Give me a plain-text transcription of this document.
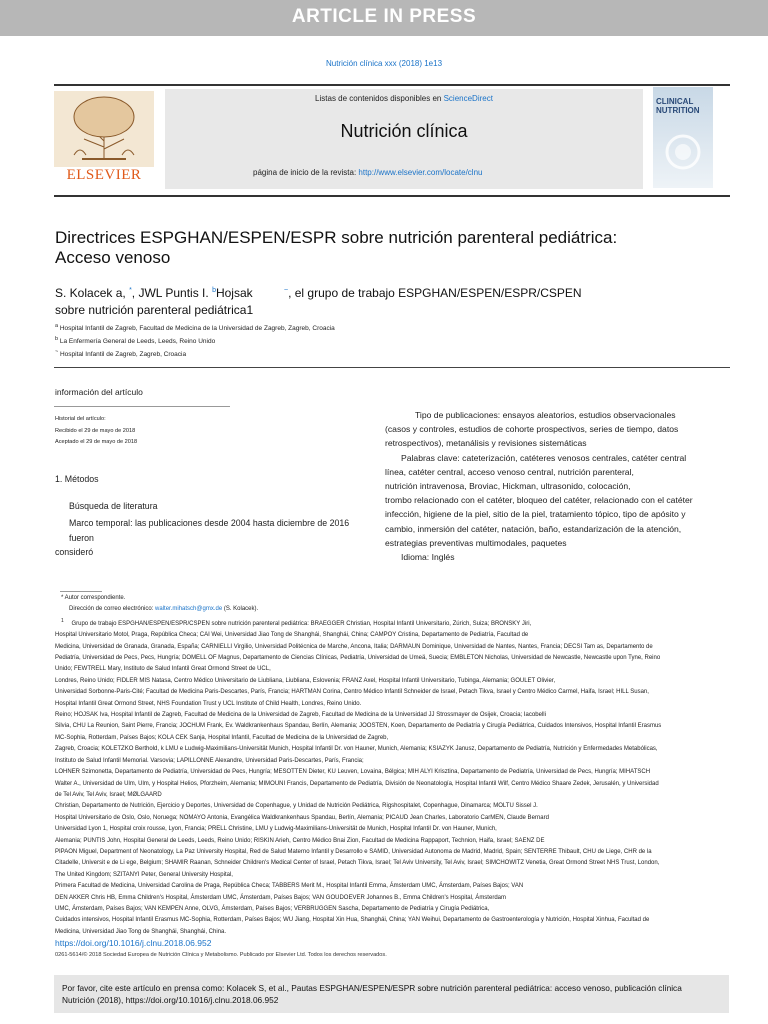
ARTICLE IN PRESS
Nutrición clínica xxx (2018) 1e13
ELSEVIER
Listas de contenidos disponibles en ScienceDirect
Nutrición clínica
página de inicio de la revista: http://www.elsevier.com/locate/clnu
CLINICAL
NUTRITION
Directrices ESPGHAN/ESPEN/ESPR sobre nutrición parenteral pediátrica:
Acceso venoso
S. Kolacek a, *, JWL Puntis I. $^b$Hojsak	~, el grupo de trabajo ESPGHAN/ESPEN/ESPR/CSPEN
sobre nutrición parenteral pediátrica1
$^a$ Hospital Infantil de Zagreb, Facultad de Medicina de la Universidad de Zagreb, Zagreb, Croacia
$^b$ La Enfermería General de Leeds, Leeds, Reino Unido
~ Hospital Infantil de Zagreb, Zagreb, Croacia
información del artículo
Historial del artículo:
Recibido el 29 de mayo de 2018
Aceptado el 29 de mayo de 2018
Tipo de publicaciones: ensayos aleatorios, estudios observacionales
(casos y controles, estudios de cohorte prospectivos, series de tiempo, datos
retrospectivos), metanálisis y revisiones sistemáticas
Palabras clave: cateterización, catéteres venosos centrales, catéter central
línea, catéter central, acceso venoso central, nutrición parenteral,
nutrición intravenosa, Broviac, Hickman, ultrasonido, colocación,
trombo relacionado con el catéter, bloqueo del catéter, relacionado con el catéter
infección, higiene de la piel, sitio de la piel, tratamiento tópico, tipo de apósito y
cambio, inmersión del catéter, natación, baño, estandarización de la atención,
estrategias preventivas multimodales, paquetes
Idioma: Inglés
1. Métodos
Búsqueda de literatura
Marco temporal: las publicaciones desde 2004 hasta diciembre de 2016 fueron
consideró
* Autor correspondiente.
Dirección de correo electrónico: walter.mihatsch@gmx.de (S. Kolacek).
$^1$ Grupo de trabajo ESPGHAN/ESPEN/ESPR/CSPEN sobre nutrición parenteral pediátrica: BRAEGGER Christian, Hospital Infantil Universitario, Zúrich, Suiza; BRONSKY Jiri,
Hospital Universitario Motol, Praga, República Checa; CAI Wei, Universidad Jiao Tong de Shanghái, Shanghái, China; CAMPOY Cristina, Departamento de Pediatría, Facultad de
Medicina, Universidad de Granada, Granada, España; CARNIELLI Virgilio, Universidad Politécnica de Marche, Ancona, Italia; DARMAUN Dominique, Universidad de Nantes, Nantes, Francia; DECSI Tam as, Departamento de
Pediatría, Universidad de Pecs, Pecs, Hungría; DOMELL OF Magnus, Departamento de Ciencias Clínicas, Pediatría, Universidad de Umeä, Suecia; EMBLETON Nicholas, Universidad de Newcastle, Newcastle upon Tyne, Reino
Unido; FEWTRELL Mary, Instituto de Salud Infantil Great Ormond Street de UCL,
Londres, Reino Unido; FIDLER MIS Natasa, Centro Médico Universitario de Liubliana, Liubliana, Eslovenia; FRANZ Axel, Hospital Infantil Universitario, Tubinga, Alemania; GOULET Olivier,
Universidad Sorbonne-Paris-Cité; Facultad de Medicina Paris-Descartes, París, Francia; HARTMAN Corina, Centro Médico Infantil Schneider de Israel, Petach Tikva, Israel y Centro Médico Carmel, Haifa, Israel; HILL Susan,
Hospital Infantil Great Ormond Street, NHS Foundation Trust y UCL Institute of Child Health, Londres, Reino Unido.
Reino; HOJSAK Iva, Hospital Infantil de Zagreb, Facultad de Medicina de la Universidad de Zagreb, Facultad de Medicina de la Universidad JJ Strossmayer de Osijek, Croacia; Iacobelli
Silvia, CHU La Reunion, Saint Pierre, Francia; JOCHUM Frank, Ev. Waldkrankenhaus Spandau, Berlín, Alemania; JOOSTEN, Koen, Departamento de Pediatría y Cirugía Pediátrica, Cuidados Intensivos, Hospital Infantil Erasmus
MC-Sophia, Rotterdam, Países Bajos; KOLA CEK Sanja, Hospital Infantil, Facultad de Medicina de la Universidad de Zagreb,
Zagreb, Croacia; KOLETZKO Berthold, k LMU e Ludwig-Maximilians-Universität Munich, Hospital Infantil Dr. von Hauner, Munich, Alemania; KSIAZYK Janusz, Departamento de Pediatría, Nutrición y Enfermedades Metabólicas,
Instituto de Salud Infantil Memorial. Varsovia; LAPILLONNE Alexandre, Universidad Paris-Descartes, París, Francia;
LOHNER Szimonetta, Departamento de Pediatría, Universidad de Pecs, Hungría; MESOTTEN Dieter, KU Leuven, Lovaina, Bélgica; MIH ALYI Krisztina, Departamento de Pediatría, Universidad de Pecs, Hungría; MIHATSCH
Walter A., Universidad de Ulm, Ulm, y Hospital Helios, Pforzheim, Alemania; MIMOUNI Francis, Departamento de Pediatría, División de Neonatología, Hospital Infantil Wilf, Centro Médico Shaare Zedek, Jerusalén, y Universidad
de Tel Aviv, Tel Aviv, Israel; MØLGAARD
Christian, Departamento de Nutrición, Ejercicio y Deportes, Universidad de Copenhague, y Unidad de Nutrición Pediátrica, Rigshospitalet, Copenhague, Dinamarca; MOLTU Sissel J.
Hospital Universitario de Oslo, Oslo, Noruega; NOMAYO Antonia, Evangélica Waldkrankenhaus Spandau, Berlín, Alemania; PICAUD Jean Charles, Laboratorio CarMEN, Claude Bernard
Universidad Lyon 1, Hospital croix rousse, Lyon, Francia; PRELL Christine, LMU y Ludwig-Maximilians-Universität de Munich, Hospital Infantil Dr. von Hauner, Munich,
Alemania; PUNTIS John, Hospital General de Leeds, Leeds, Reino Unido; RISKIN Arieh, Centro Médico Bnai Zion, Facultad de Medicina Rappaport, Technion, Haifa, Israel; SAENZ DE
PIPAON Miguel, Department of Neonatology, La Paz University Hospital, Red de Salud Materno Infantil y Desarrollo e SAMID, Universidad Autonoma de Madrid, Madrid, Spain; SENTERRE Thibault, CHU de Liege, CHR de la
Citadelle, Universit e de Li ege, Belgium; SHAMIR Raanan, Schneider Children's Medical Center of Israel, Petach Tikva, Israel; Tel Aviv University, Tel Aviv, Israel; SIMCHOWITZ Venetia, Great Ormond Street NHS Trust, London,
The United Kingdom; SZITANYI Peter, General University Hospital,
Primera Facultad de Medicina, Universidad Carolina de Praga, República Checa; TABBERS Merit M., Hospital Infantil Emma, Ámsterdam UMC, Ámsterdam, Países Bajos; VAN
DEN AKKER Chris HB, Emma Children's Hospital, Ámsterdam UMC, Ámsterdam, Países Bajos; VAN GOUDOEVER Johannes B., Emma Children's Hospital, Ámsterdam
UMC, Ámsterdam, Países Bajos; VAN KEMPEN Anne, OLVG, Ámsterdam, Países Bajos; VERBRUGGEN Sascha, Departamento de Pediatría y Cirugía Pediátrica,
Cuidados intensivos, Hospital Infantil Erasmus MC-Sophia, Rotterdam, Países Bajos; WU Jiang, Hospital Xin Hua, Shanghái, China; YAN Weihui, Departamento de Gastroenterología y Nutrición, Hospital Xinhua, Facultad de
Medicina, Universidad Jiao Tong de Shanghái, Shanghái, China.
https://doi.org/10.1016/j.clnu.2018.06.952
0261-5614/© 2018 Sociedad Europea de Nutrición Clínica y Metabolismo. Publicado por Elsevier Ltd. Todos los derechos reservados.
Por favor, cite este artículo en prensa como: Kolacek S, et al., Pautas ESPGHAN/ESPEN/ESPR sobre nutrición parenteral pediátrica: acceso venoso, publicación clínica
Nutrición (2018), https://doi.org/10.1016/j.clnu.2018.06.952
